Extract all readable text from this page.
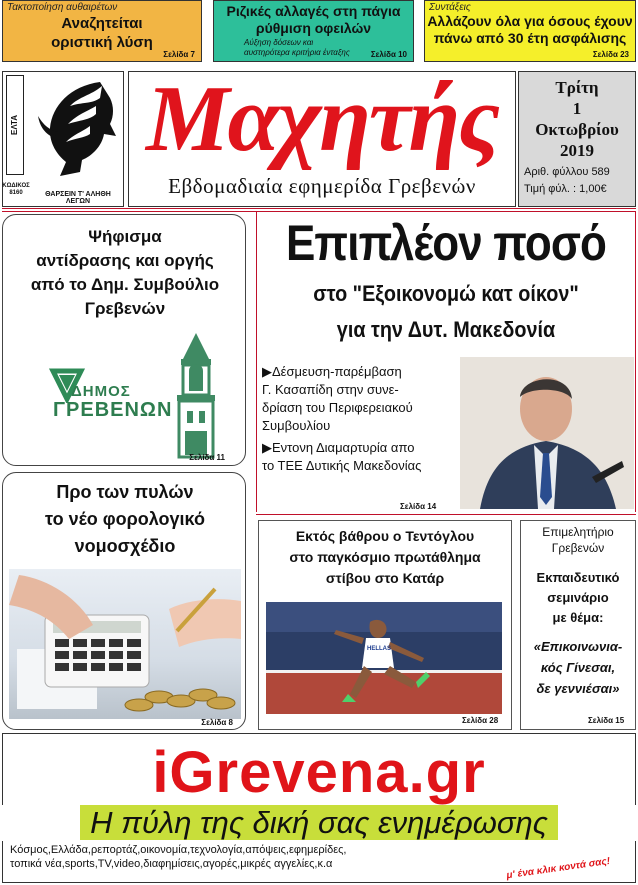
Τακτοποίηση αυθαιρέτων
Αναζητείται
οριστική λύση
Σελίδα 7
Ριζικές αλλαγές στη πάγια
ρύθμιση οφειλών
Αύξηση δόσεων και αυστηρότερα κριτήρια ένταξης	Σελίδα 10
Συντάξεις
Αλλάζουν όλα για όσους έχουν
πάνω από 30 έτη ασφάλισης
Σελίδα 23
ΕΛΤΑ
ΚΩΔΙΚΟΣ
8160	ΘΑΡΣΕΙΝ Τ' ΑΛΗΘΗ ΛΕΓΩΝ
Μαχητής
Εβδομαδιαία εφημερίδα Γρεβενών
Τρίτη
1
Οκτωβρίου
2019
Αριθ. φύλλου 589
Τιμή φύλ. : 1,00€
Ψήφισμα
αντίδρασης και οργής
από το Δημ. Συμβούλιο
Γρεβενών
ΔΗΜΟΣ
ΓΡΕΒΕΝΩΝ
Σελίδα 11
Προ των πυλών
το νέο φορολογικό
νομοσχέδιο
Σελίδα 8
Επιπλέον ποσό
στο "Εξοικονομώ κατ οίκον"
για την Δυτ. Μακεδονία
▶Δέσμευση-παρέμβαση
Γ. Κασαπίδη στην συνε-
δρίαση του Περιφερειακού
Συμβουλίου
▶Εντονη Διαμαρτυρία απο
το ΤΕΕ Δυτικής Μακεδονίας
Σελίδα 14
Εκτός βάθρου ο Τεντόγλου
στο παγκόσμιο πρωτάθλημα
στίβου στο Κατάρ
HELLAS
Σελίδα 28
Επιμελητήριο
Γρεβενών
Εκπαιδευτικό
σεμινάριο
με θέμα:
«Επικοινωνια-
κός Γίνεσαι,
δε γεννιέσαι»
Σελίδα 15
iGrevena.gr
Η πύλη της δική σας ενημέρωσης
Κόσμος,Ελλάδα,ρεπορτάζ,οικονομία,τεχνολογία,απόψεις,εφημερίδες,
τοπικά νέα,sports,TV,video,διαφημίσεις,αγορές,μικρές αγγελίες,κ.α	μ' ένα κλικ κοντά σας!
